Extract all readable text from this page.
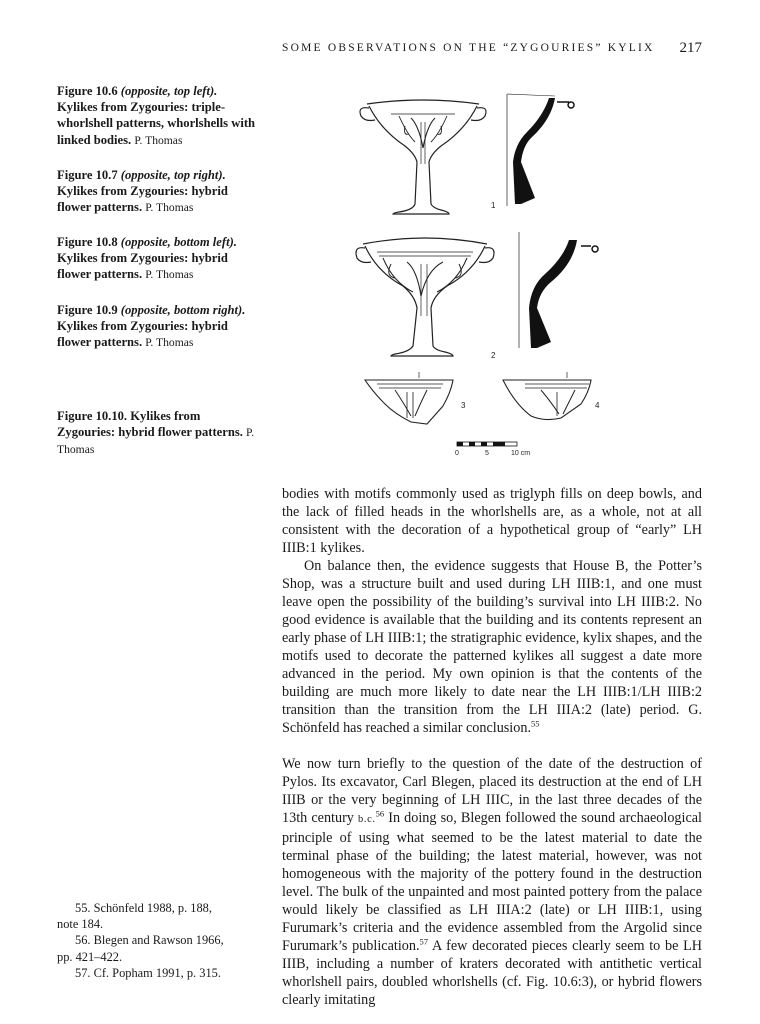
SOME OBSERVATIONS ON THE “ZYGOURIES” KYLIX 217

Figure 10.6 (opposite, top left). Kylikes from Zygouries: triple-whorlshell patterns, whorlshells with linked bodies. P. Thomas

Figure 10.7 (opposite, top right). Kylikes from Zygouries: hybrid flower patterns. P. Thomas

Figure 10.8 (opposite, bottom left). Kylikes from Zygouries: hybrid flower patterns. P. Thomas

Figure 10.9 (opposite, bottom right). Kylikes from Zygouries: hybrid flower patterns. P. Thomas

Figure 10.10. Kylikes from Zygouries: hybrid flower patterns. P. Thomas

1
2
3	4
0	5	10 cm

bodies with motifs commonly used as triglyph fills on deep bowls, and the lack of filled heads in the whorlshells are, as a whole, not at all consistent with the decoration of a hypothetical group of “early” LH IIIB:1 kylikes.

On balance then, the evidence suggests that House B, the Potter’s Shop, was a structure built and used during LH IIIB:1, and one must leave open the possibility of the building’s survival into LH IIIB:2. No good evidence is available that the building and its contents represent an early phase of LH IIIB:1; the stratigraphic evidence, kylix shapes, and the motifs used to decorate the patterned kylikes all suggest a date more advanced in the period. My own opinion is that the contents of the building are much more likely to date near the LH IIIB:1/LH IIIB:2 transition than the transition from the LH IIIA:2 (late) period. G. Schönfeld has reached a similar conclusion.$^{55}$

We now turn briefly to the question of the date of the destruction of Pylos. Its excavator, Carl Blegen, placed its destruction at the end of LH IIIB or the very beginning of LH IIIC, in the last three decades of the 13th century b.c.$^{56}$ In doing so, Blegen followed the sound archaeological principle of using what seemed to be the latest material to date the terminal phase of the building; the latest material, however, was not homogeneous with the majority of the pottery found in the destruction level. The bulk of the unpainted and most painted pottery from the palace would likely be classified as LH IIIA:2 (late) or LH IIIB:1, using Furumark’s criteria and the evidence assembled from the Argolid since Furumark’s publication.$^{57}$ A few decorated pieces clearly seem to be LH IIIB, including a number of kraters decorated with antithetic vertical whorlshell pairs, doubled whorlshells (cf. Fig. 10.6:3), or hybrid flowers clearly imitating

55. Schönfeld 1988, p. 188,

note 184.

56. Blegen and Rawson 1966,

pp. 421–422.

57. Cf. Popham 1991, p. 315.
